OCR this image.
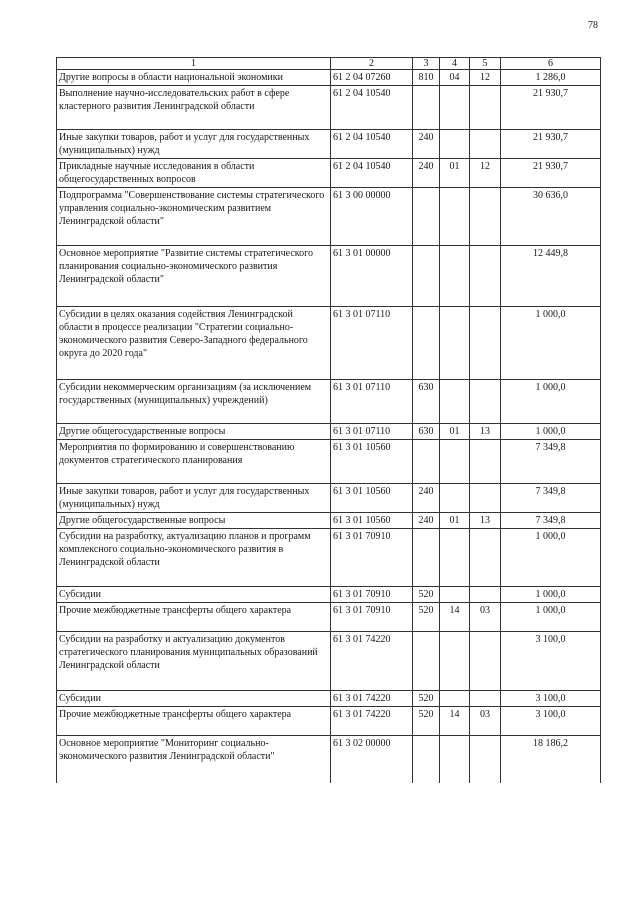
78
1	2	3	4	5	6
Другие вопросы в области национальной экономики	61 2 04 07260	810	04	12	1 286,0
Выполнение научно-исследовательских работ в сфере кластерного развития Ленинградской области	61 2 04 10540				21 930,7
Иные закупки товаров, работ и услуг для государственных (муниципальных) нужд	61 2 04 10540	240			21 930,7
Прикладные научные исследования в области общегосударственных вопросов	61 2 04 10540	240	01	12	21 930,7
Подпрограмма "Совершенствование системы стратегического управления социально-экономическим развитием Ленинградской области"	61 3 00 00000				30 636,0
Основное мероприятие "Развитие системы стратегического планирования социально-экономического развития Ленинградской области"	61 3 01 00000				12 449,8
Субсидии в целях оказания содействия Ленинградской области в процессе реализации "Стратегии социально-экономического развития Северо-Западного федерального округа до 2020 года"	61 3 01 07110				1 000,0
Субсидии некоммерческим организациям (за исключением государственных (муниципальных) учреждений)	61 3 01 07110	630			1 000,0
Другие общегосударственные вопросы	61 3 01 07110	630	01	13	1 000,0
Мероприятия по формированию и совершенствованию документов стратегического планирования	61 3 01 10560				7 349,8
Иные закупки товаров, работ и услуг для государственных (муниципальных) нужд	61 3 01 10560	240			7 349,8
Другие общегосударственные вопросы	61 3 01 10560	240	01	13	7 349,8
Субсидии на разработку, актуализацию планов и программ комплексного социально-экономического развития в Ленинградской области	61 3 01 70910				1 000,0
Субсидии	61 3 01 70910	520			1 000,0
Прочие межбюджетные трансферты общего характера	61 3 01 70910	520	14	03	1 000,0
Субсидии на разработку и актуализацию документов стратегического планирования муниципальных образований Ленинградской области	61 3 01 74220				3 100,0
Субсидии	61 3 01 74220	520			3 100,0
Прочие межбюджетные трансферты общего характера	61 3 01 74220	520	14	03	3 100,0
Основное мероприятие "Мониторинг социально-экономического развития Ленинградской области"	61 3 02 00000				18 186,2
